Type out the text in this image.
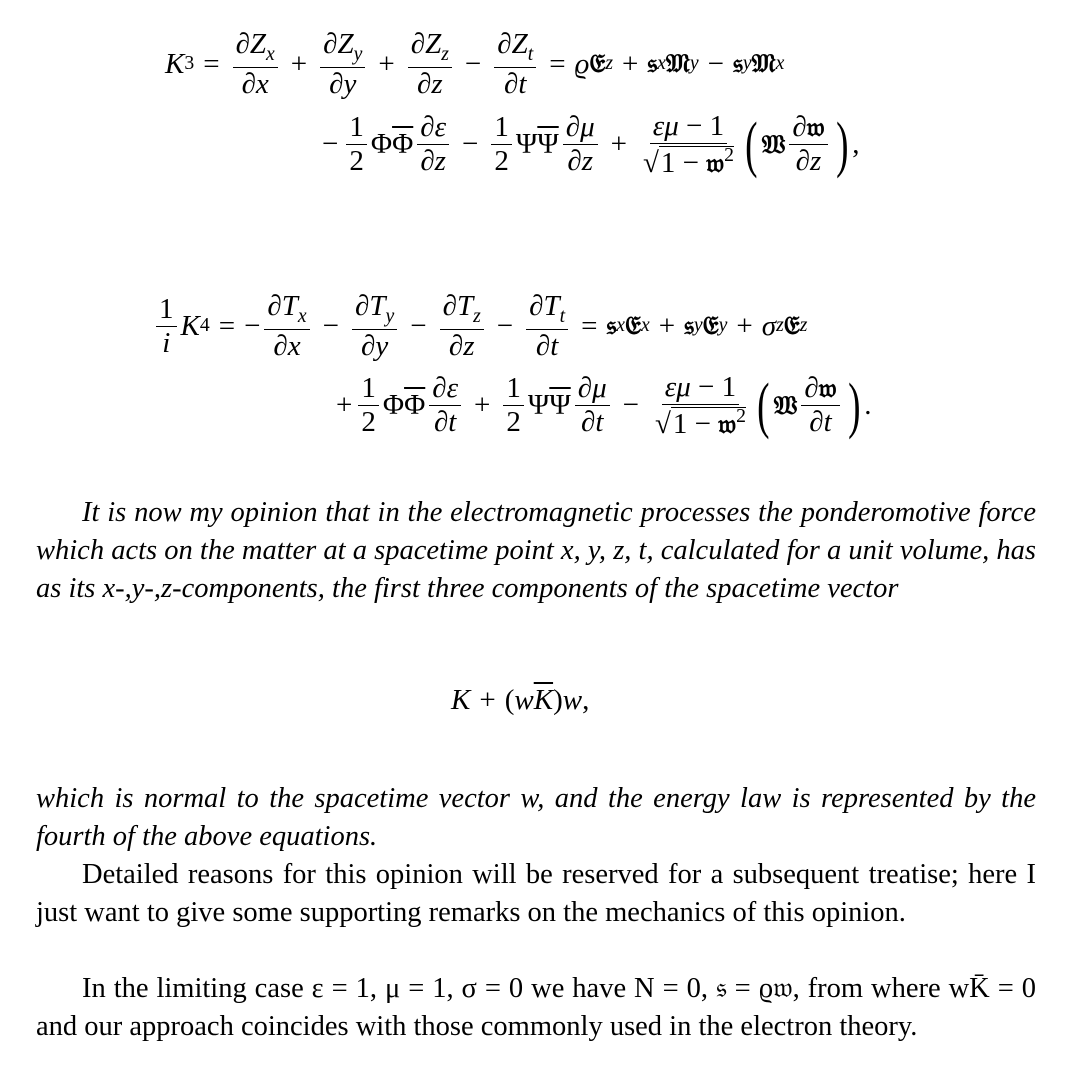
K $3 = \frac{\partial Z_x}{\partial x} + \frac{\partial Z_y}{\partial y} + \frac{\partial Z_z}{\partial z} - \frac{\partial Z_t}{\partial t} = ϱ$ 𝔈 z + 𝔰 x 𝔐 y − 𝔰 y 𝔐 x
− $\frac{1}{2} \Phi\overline{\Phi} \frac{\partial\varepsilon}{\partial z} - \frac{1}{2} \Psi\overline{\Psi} \frac{\partial\mu}{\partial z} + \frac{\varepsilon\mu - 1}{√1 - 𝔴^2}$ ( 𝔚 $\frac{\text{∂𝔴}}{\partial z}$ ) ,
$\frac{1}{i}$ K 4 = − $\frac{\partial T_x}{\partial x} - \frac{\partial T_y}{\partial y} - \frac{\partial T_z}{\partial z} - \frac{\partial T_t}{\partial t}$ = 𝔰 x 𝔈 x + 𝔰 y 𝔈 y + σ z 𝔈 z
+ $\frac{1}{2} \Phi\overline{\Phi} \frac{\partial\varepsilon}{\partial t} + \frac{1}{2} \Psi\overline{\Psi} \frac{\partial\mu}{\partial t} - \frac{\varepsilon\mu - 1}{√1 - 𝔴^2}$ ( 𝔚 $\frac{\text{∂𝔴}}{\partial t}$ ) .
It is now my opinion that in the electromagnetic processes the ponderomotive force which acts on the matter at a spacetime point x, y, z, t, calculated for a unit volume, has as its x-,y-,z-components, the first three components of the spacetime vector
K + ( w $\overline{K}$ ) w ,
which is normal to the spacetime vector w, and the energy law is represented by the fourth of the above equations.
Detailed reasons for this opinion will be reserved for a subsequent treatise; here I just want to give some supporting remarks on the mechanics of this opinion.
In the limiting case ε = 1, μ = 1, σ = 0 we have N = 0, 𝔰 = ϱ𝔴, from where wK̄ = 0 and our approach coincides with those commonly used in the electron theory.
